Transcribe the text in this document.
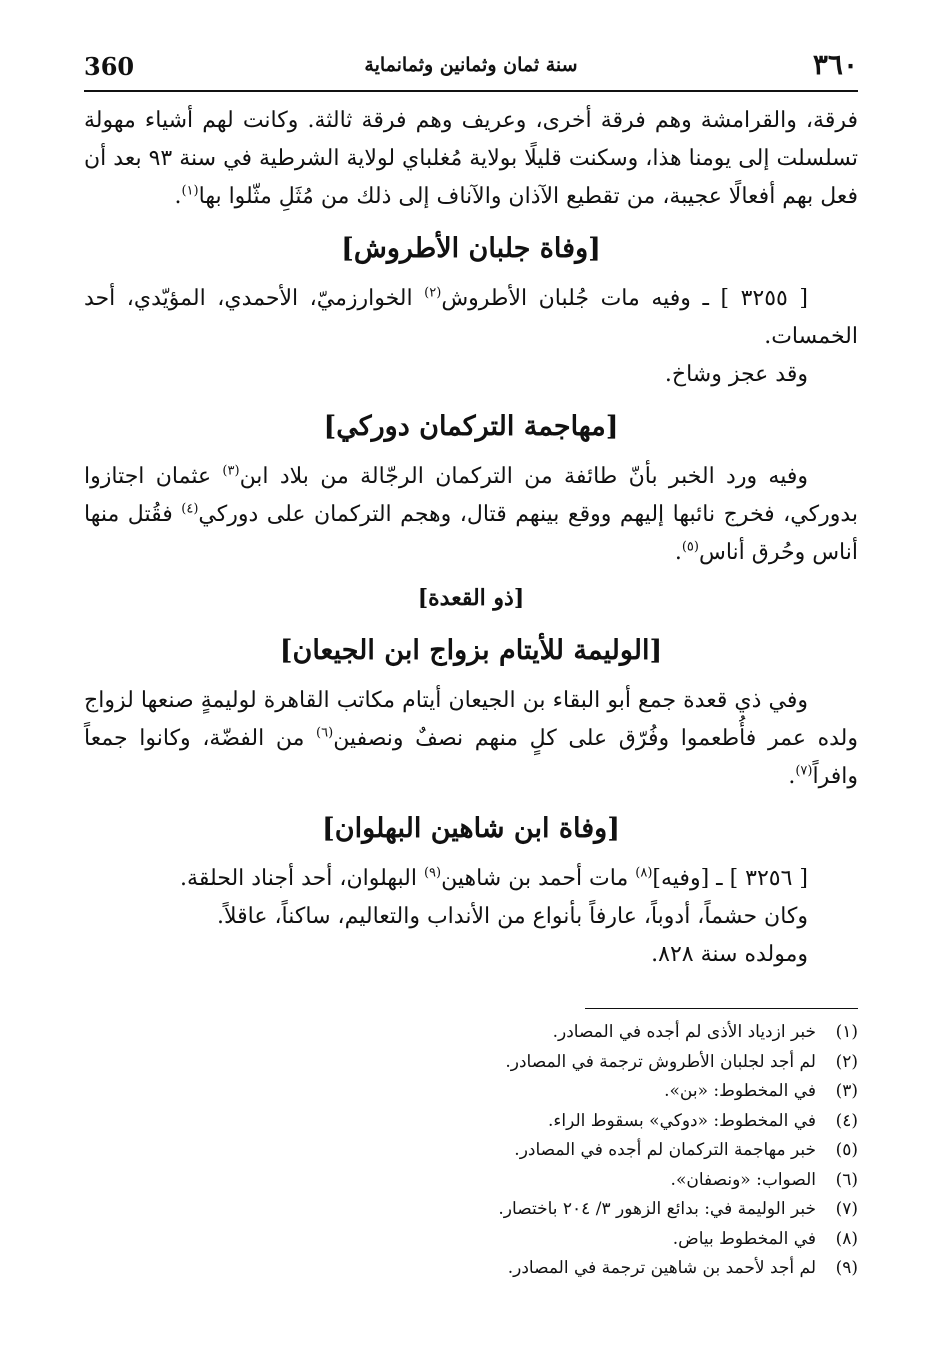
360	سنة ثمان وثمانين وثمانماية	٣٦٠

فرقة، والقرامشة وهم فرقة أخرى، وعريف وهم فرقة ثالثة. وكانت لهم أشياء مهولة تسلسلت إلى يومنا هذا، وسكنت قليلًا بولاية مُغلباي لولاية الشرطية في سنة ٩٣ بعد أن فعل بهم أفعالًا عجيبة، من تقطيع الآذان والآناف إلى ذلك من مُثَلِ مثّلوا بها$^{(١)}$.

[وفاة جلبان الأطروش]

[ ٣٢٥٥ ] ـ وفيه مات جُلبان الأطروش$^{(٢)}$ الخوارزميّ، الأحمدي، المؤيّدي، أحد الخمسات.

وقد عجز وشاخ.

[مهاجمة التركمان دوركي]

وفيه ورد الخبر بأنّ طائفة من التركمان الرجّالة من بلاد ابن$^{(٣)}$ عثمان اجتازوا بدوركي، فخرج نائبها إليهم ووقع بينهم قتال، وهجم التركمان على دوركي$^{(٤)}$ فقُتل منها أناس وحُرق أناس$^{(٥)}$.

[ذو القعدة]
[الوليمة للأيتام بزواج ابن الجيعان]

وفي ذي قعدة جمع أبو البقاء بن الجيعان أيتام مكاتب القاهرة لوليمةٍ صنعها لزواج ولده عمر فأُطعموا وفُرّق على كلٍ منهم نصفٌ ونصفين$^{(٦)}$ من الفضّة، وكانوا جمعاً وافراً$^{(٧)}$.

[وفاة ابن شاهين البهلوان]

[ ٣٢٥٦ ] ـ [وفيه]$^{(٨)}$ مات أحمد بن شاهين$^{(٩)}$ البهلوان، أحد أجناد الحلقة.

وكان حشماً، أدوباً، عارفاً بأنواع من الأنداب والتعاليم، ساكناً، عاقلاً.

ومولده سنة ٨٢٨.

(١)
خبر ازدياد الأذى لم أجده في المصادر.
(٢)
لم أجد لجلبان الأطروش ترجمة في المصادر.
(٣)
في المخطوط: «بن».
(٤)
في المخطوط: «دوكي» بسقوط الراء.
(٥)
خبر مهاجمة التركمان لم أجده في المصادر.
(٦)
الصواب: «ونصفان».
(٧)
خبر الوليمة في: بدائع الزهور ٣/ ٢٠٤ باختصار.
(٨)
في المخطوط بياض.
(٩)
لم أجد لأحمد بن شاهين ترجمة في المصادر.
